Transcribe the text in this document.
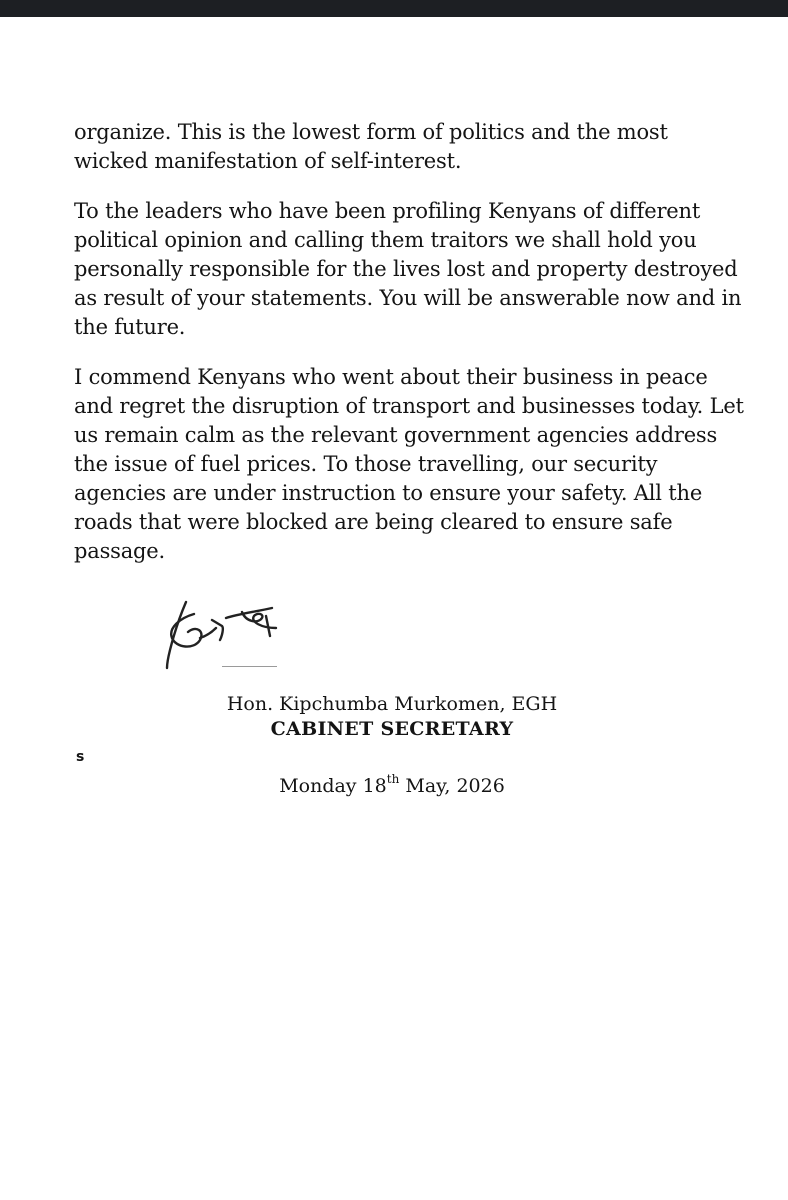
organize. This is the lowest form of politics and the most wicked manifestation of self-interest.

To the leaders who have been profiling Kenyans of different political opinion and calling them traitors we shall hold you personally responsible for the lives lost and property destroyed as result of your statements. You will be answerable now and in the future.

I commend Kenyans who went about their business in peace and regret the disruption of transport and businesses today. Let us remain calm as the relevant government agencies address the issue of fuel prices. To those travelling, our security agencies are under instruction to ensure your safety. All the roads that were blocked are being cleared to ensure safe passage.

Hon. Kipchumba Murkomen, EGH
CABINET SECRETARY
s
Monday 18th May, 2026
